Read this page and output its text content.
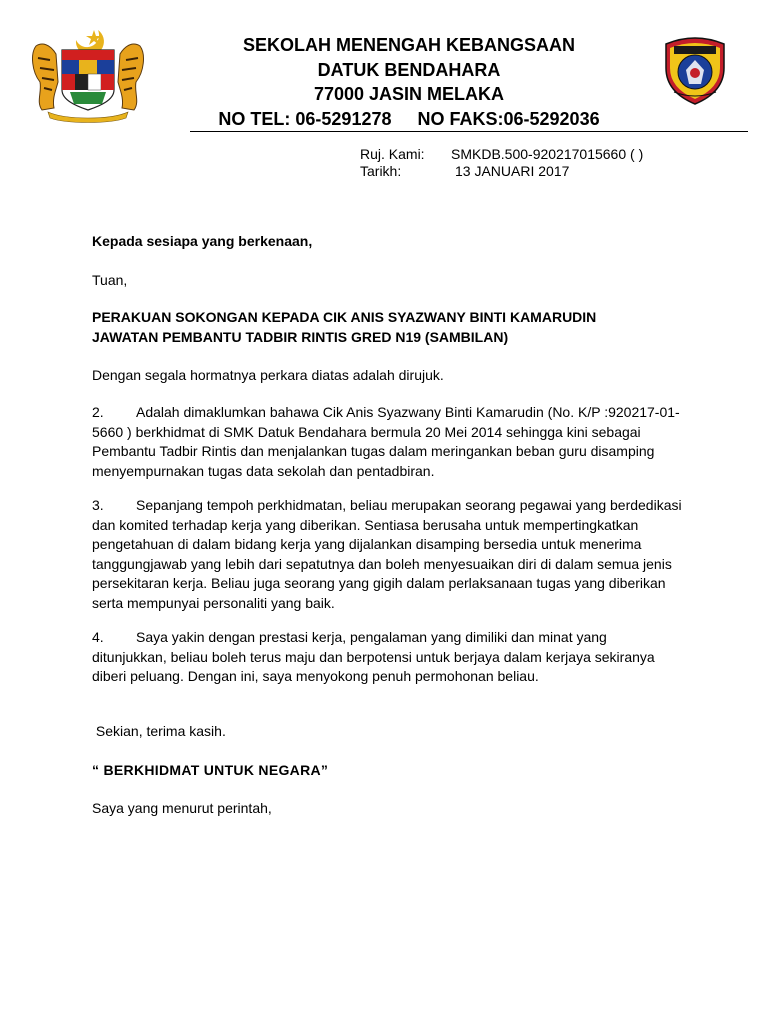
SEKOLAH MENENGAH KEBANGSAAN
DATUK BENDAHARA
77000 JASIN MELAKA
NO TEL: 06-5291278 NO FAKS:06-5292036
Ruj. Kami:	SMKDB.500-920217015660 ( )
Tarikh:	13 JANUARI 2017
Kepada sesiapa yang berkenaan,
Tuan,
PERAKUAN SOKONGAN KEPADA CIK ANIS SYAZWANY BINTI KAMARUDIN
JAWATAN PEMBANTU TADBIR RINTIS GRED N19 (SAMBILAN)
Dengan segala hormatnya perkara diatas adalah dirujuk.
2. Adalah dimaklumkan bahawa Cik Anis Syazwany Binti Kamarudin (No. K/P :920217-01-
5660 ) berkhidmat di SMK Datuk Bendahara bermula 20 Mei 2014 sehingga kini sebagai
Pembantu Tadbir Rintis dan menjalankan tugas dalam meringankan beban guru disamping
menyempurnakan tugas data sekolah dan pentadbiran.
3. Sepanjang tempoh perkhidmatan, beliau merupakan seorang pegawai yang berdedikasi
dan komited terhadap kerja yang diberikan. Sentiasa berusaha untuk mempertingkatkan
pengetahuan di dalam bidang kerja yang dijalankan disamping bersedia untuk menerima
tanggungjawab yang lebih dari sepatutnya dan boleh menyesuaikan diri di dalam semua jenis
persekitaran kerja. Beliau juga seorang yang gigih dalam perlaksanaan tugas yang diberikan
serta mempunyai personaliti yang baik.
4. Saya yakin dengan prestasi kerja, pengalaman yang dimiliki dan minat yang
ditunjukkan, beliau boleh terus maju dan berpotensi untuk berjaya dalam kerjaya sekiranya
diberi peluang. Dengan ini, saya menyokong penuh permohonan beliau.
Sekian, terima kasih.
“ BERKHIDMAT UNTUK NEGARA”
Saya yang menurut perintah,
